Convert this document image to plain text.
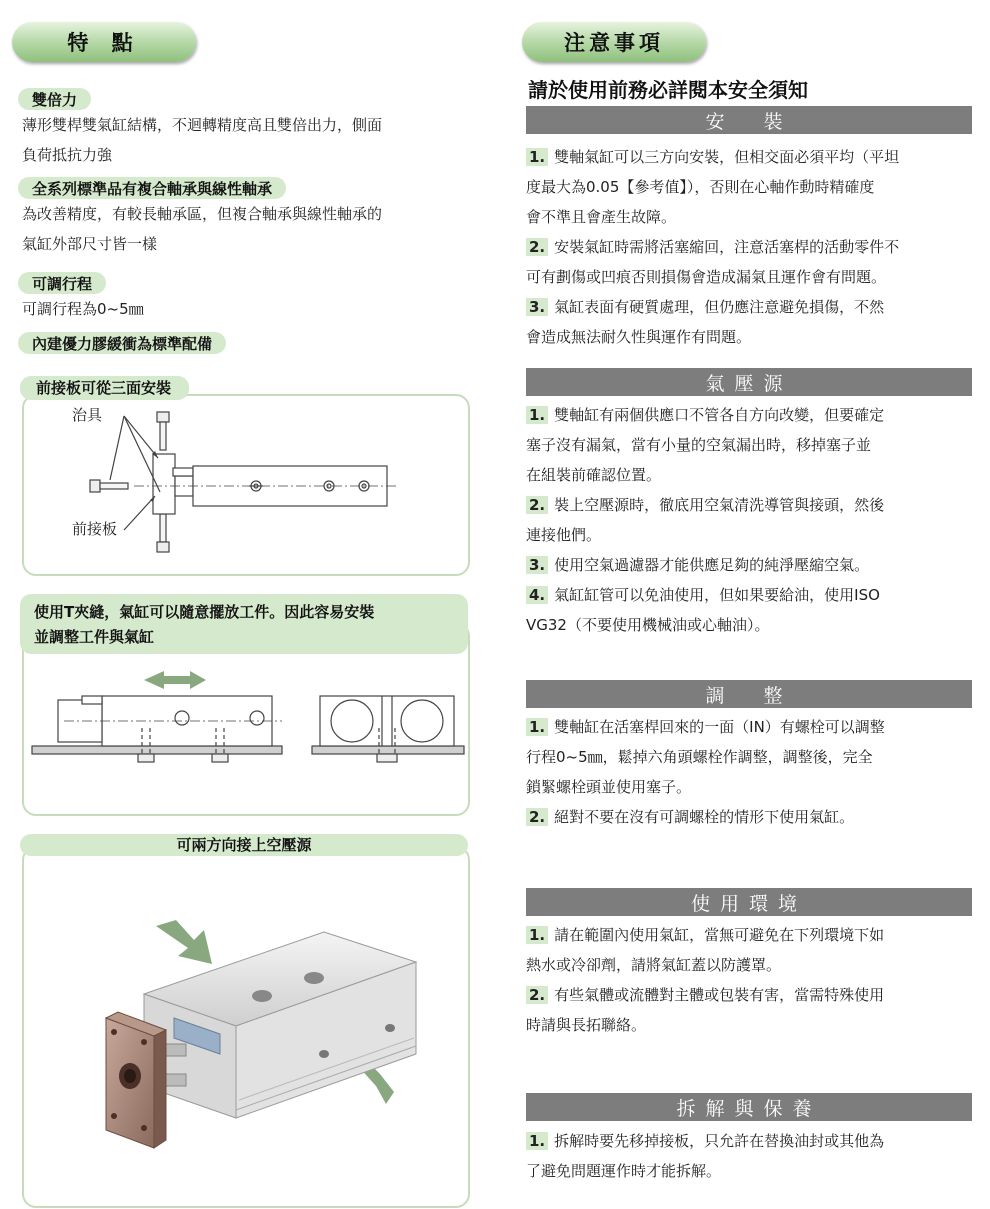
特 點
雙倍力
薄形雙桿雙氣缸結構，不迴轉精度高且雙倍出力，側面
負荷抵抗力強
全系列標準品有複合軸承與線性軸承
為改善精度，有較長軸承區，但複合軸承與線性軸承的
氣缸外部尺寸皆一樣
可調行程
可調行程為0~5㎜
內建優力膠緩衝為標準配備
治具
前接板
前接板可從三面安裝
使用T夾縫，氣缸可以隨意擺放工件。因此容易安裝
並調整工件與氣缸
可兩方向接上空壓源
注意事項
請於使用前務必詳閱本安全須知
安　裝
1. 雙軸氣缸可以三方向安裝，但相交面必須平均（平坦
度最大為0.05【參考值】），否則在心軸作動時精確度
會不準且會產生故障。
2. 安裝氣缸時需將活塞縮回，注意活塞桿的活動零件不
可有劃傷或凹痕否則損傷會造成漏氣且運作會有問題。
3. 氣缸表面有硬質處理，但仍應注意避免損傷，不然
會造成無法耐久性與運作有問題。
氣壓源
1. 雙軸缸有兩個供應口不管各自方向改變，但要確定
塞子沒有漏氣，當有小量的空氣漏出時，移掉塞子並
在組裝前確認位置。
2. 裝上空壓源時，徹底用空氣清洗導管與接頭，然後
連接他們。
3. 使用空氣過濾器才能供應足夠的純淨壓縮空氣。
4. 氣缸缸管可以免油使用，但如果要給油，使用ISO
VG32（不要使用機械油或心軸油）。
調　整
1. 雙軸缸在活塞桿回來的一面（IN）有螺栓可以調整
行程0~5㎜，鬆掉六角頭螺栓作調整，調整後，完全
鎖緊螺栓頭並使用塞子。
2. 絕對不要在沒有可調螺栓的情形下使用氣缸。
使用環境
1. 請在範圍內使用氣缸，當無可避免在下列環境下如
熱水或冷卻劑，請將氣缸蓋以防護罩。
2. 有些氣體或流體對主體或包裝有害，當需特殊使用
時請與長拓聯絡。
拆解與保養
1. 拆解時要先移掉接板，只允許在替換油封或其他為
了避免問題運作時才能拆解。
